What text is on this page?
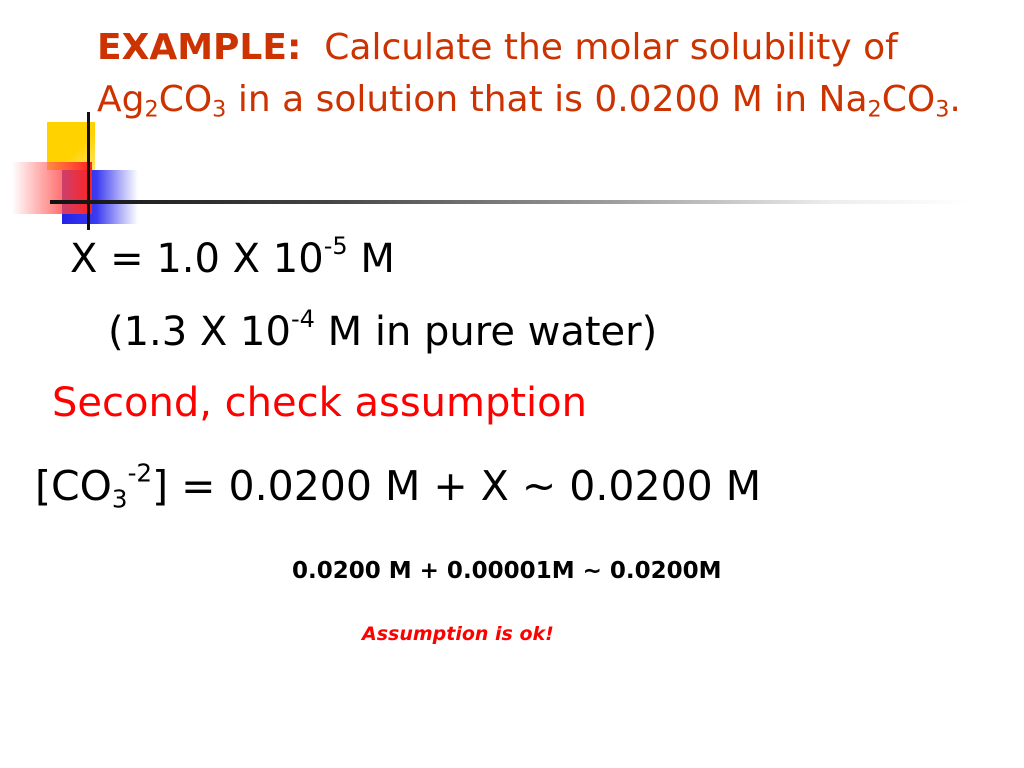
EXAMPLE: Calculate the molar solubility of $Ag_2CO_3$ in a solution that is 0.0200 M in $Na_2CO_3$.

X = 1.0 X $10^{-5}$ M

(1.3 X $10^{-4}$ M in pure water)

Second, check assumption

$[CO_3^{-2}] = 0.0200$ M + X ~ 0.0200 M

0.0200 M + 0.00001M ~ 0.0200M

Assumption is ok!
